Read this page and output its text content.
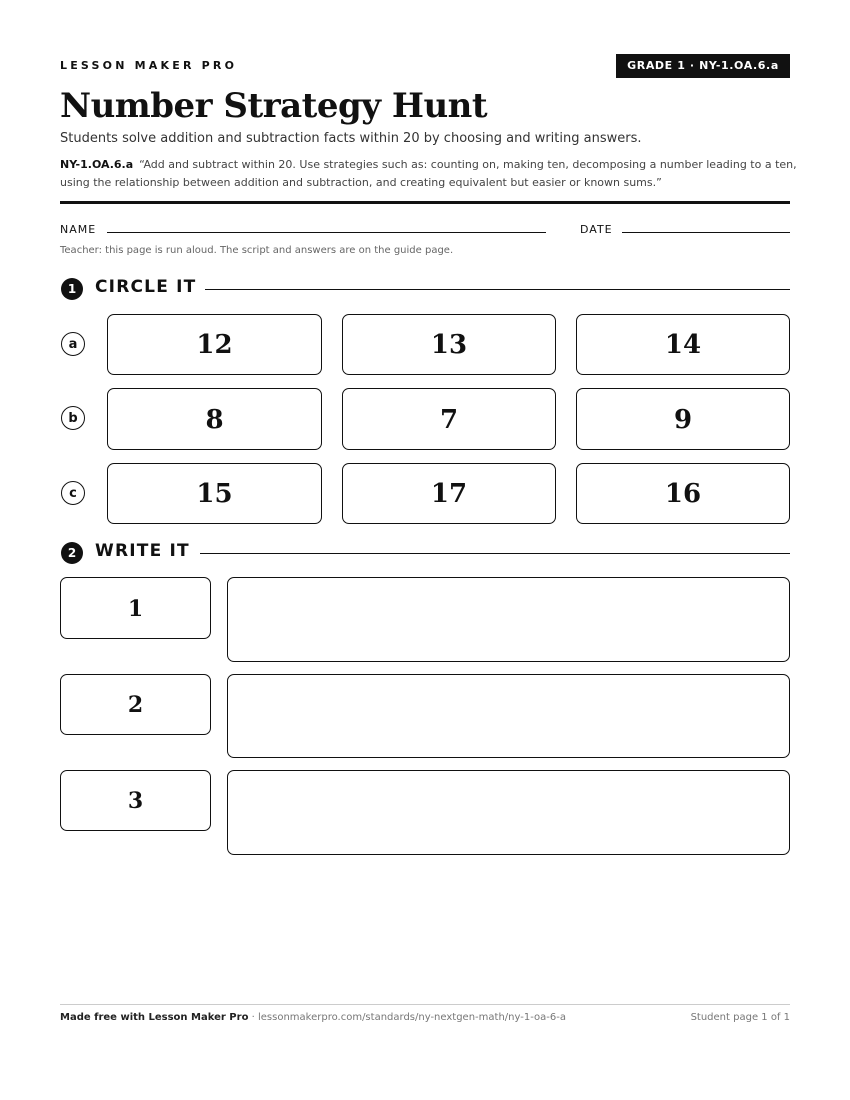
LESSON MAKER PRO	GRADE 1 · NY-1.OA.6.a
Number Strategy Hunt
Students solve addition and subtraction facts within 20 by choosing and writing answers.
NY-1.OA.6.a “Add and subtract within 20. Use strategies such as: counting on, making ten, decomposing a number leading to a ten, using the relationship between addition and subtraction, and creating equivalent but easier or known sums.”
NAME	DATE
Teacher: this page is run aloud. The script and answers are on the guide page.
1	CIRCLE IT
a	12	13	14
b	8	7	9
c	15	17	16
2	WRITE IT
1
2
3
Made free with Lesson Maker Pro · lessonmakerpro.com/standards/ny-nextgen-math/ny-1-oa-6-a	Student page 1 of 1
